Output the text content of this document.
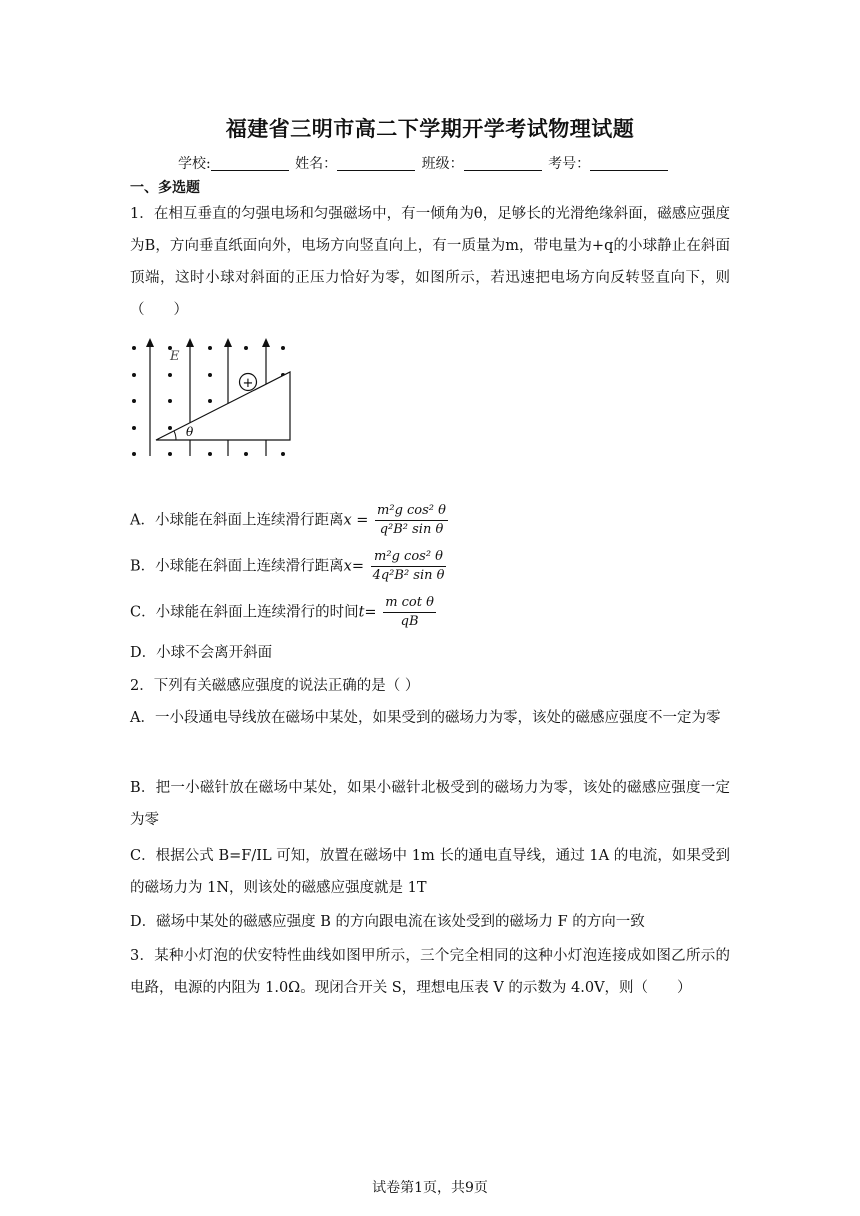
福建省三明市高二下学期开学考试物理试题
学校:	姓名：	班级：	考号：
一、多选题
1．在相互垂直的匀强电场和匀强磁场中，有一倾角为θ，足够长的光滑绝缘斜面，磁感应强度为B，方向垂直纸面向外，电场方向竖直向上，有一质量为m，带电量为+q的小球静止在斜面顶端，这时小球对斜面的正压力恰好为零，如图所示，若迅速把电场方向反转竖直向下，则（　　）
+
E
θ
A．小球能在斜面上连续滑行距离$x = \frac{\text{m²g cos² θ}}{\text{q²B² sin θ}}$
B．小球能在斜面上连续滑行距离$x= \frac{\text{m²g cos² θ}}{\text{4q²B² sin θ}}$
C．小球能在斜面上连续滑行的时间$t= \frac{\text{m cot θ}}{qB}$
D．小球不会离开斜面
2．下列有关磁感应强度的说法正确的是（ ）
A．一小段通电导线放在磁场中某处，如果受到的磁场力为零，该处的磁感应强度不一定为零
B．把一小磁针放在磁场中某处，如果小磁针北极受到的磁场力为零，该处的磁感应强度一定为零
C．根据公式 B=F/IL 可知，放置在磁场中 1m 长的通电直导线，通过 1A 的电流，如果受到的磁场力为 1N，则该处的磁感应强度就是 1T
D．磁场中某处的磁感应强度 B 的方向跟电流在该处受到的磁场力 F 的方向一致
3．某种小灯泡的伏安特性曲线如图甲所示，三个完全相同的这种小灯泡连接成如图乙所示的电路，电源的内阻为 1.0Ω。现闭合开关 S，理想电压表 V 的示数为 4.0V，则（　　）
试卷第1页，共9页
